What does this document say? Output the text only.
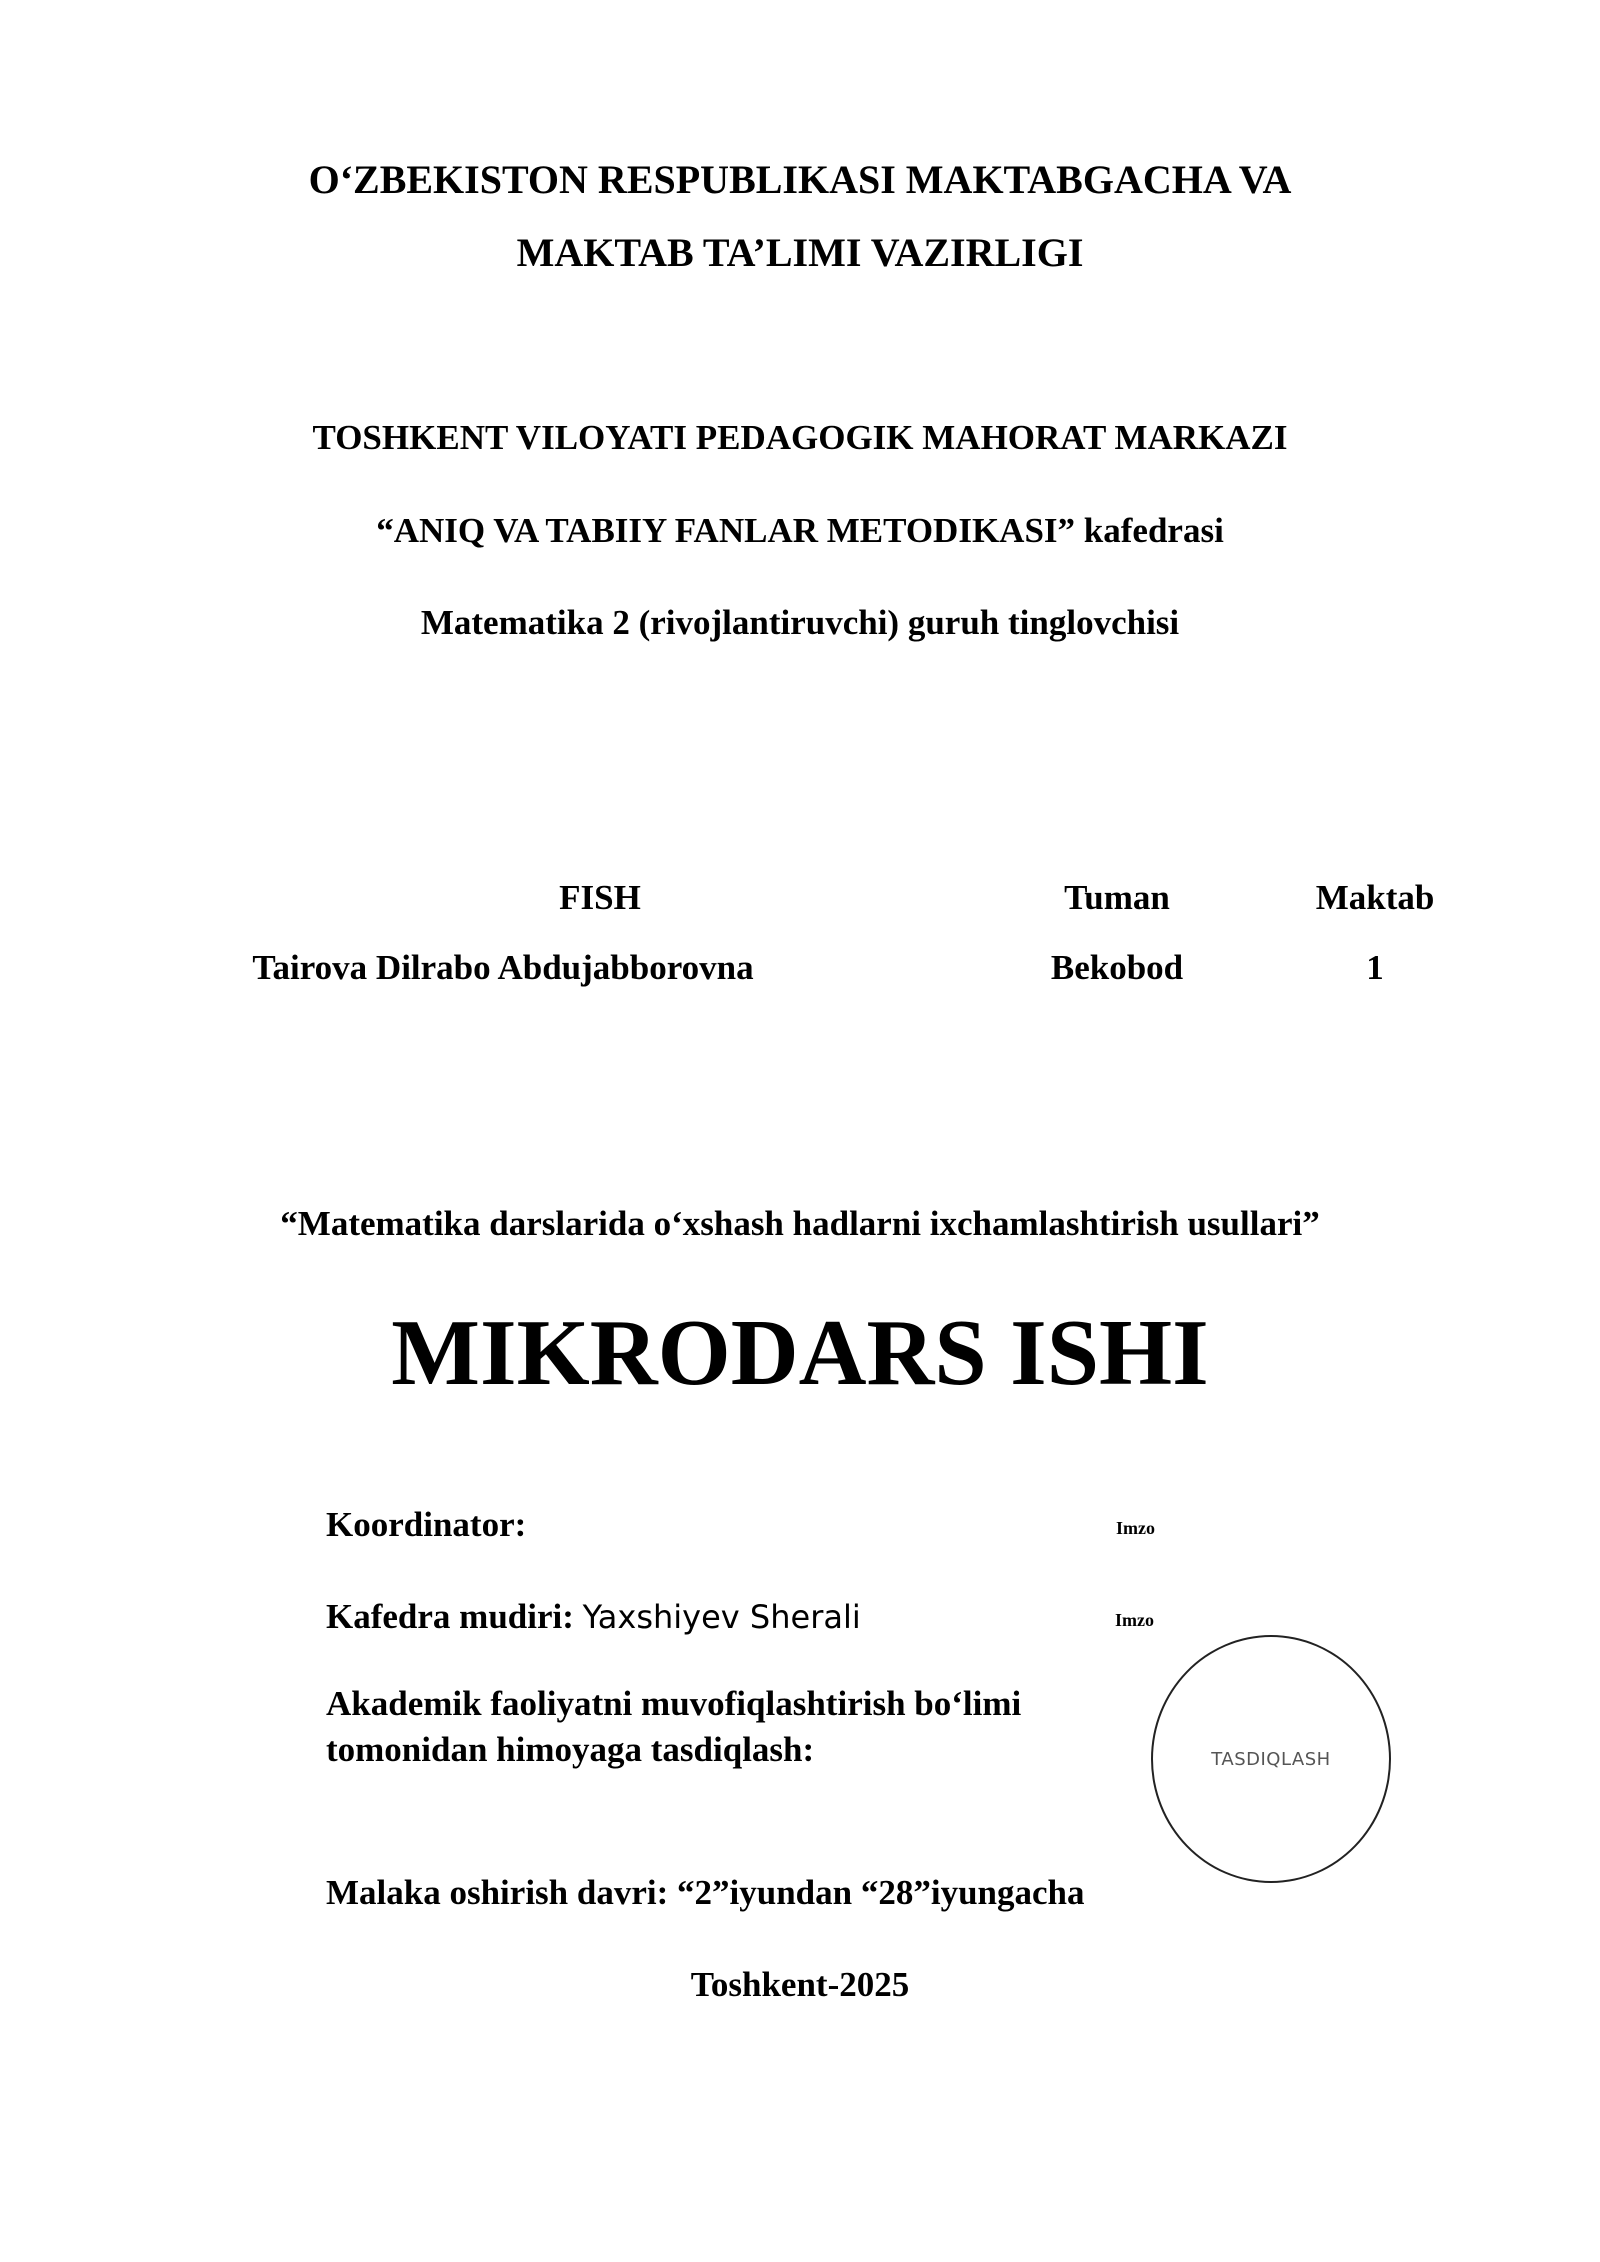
O‘ZBEKISTON RESPUBLIKASI MAKTABGACHA VA
MAKTAB TA’LIMI VAZIRLIGI
TOSHKENT VILOYATI PEDAGOGIK MAHORAT MARKAZI
“ANIQ VA TABIIY FANLAR METODIKASI” kafedrasi
Matematika 2 (rivojlantiruvchi) guruh tinglovchisi
FISH	Tuman	Maktab
Tairova Dilrabo Abdujabborovna	Bekobod	1
“Matematika darslarida o‘xshash hadlarni ixchamlashtirish usullari”
MIKRODARS ISHI
Koordinator:	Imzo
Kafedra mudiri: Yaxshiyev Sherali	Imzo
Akademik faoliyatni muvofiqlashtirish bo‘limi
tomonidan himoyaga tasdiqlash:	TASDIQLASH
Malaka oshirish davri: “2”iyundan “28”iyungacha
Toshkent-2025
